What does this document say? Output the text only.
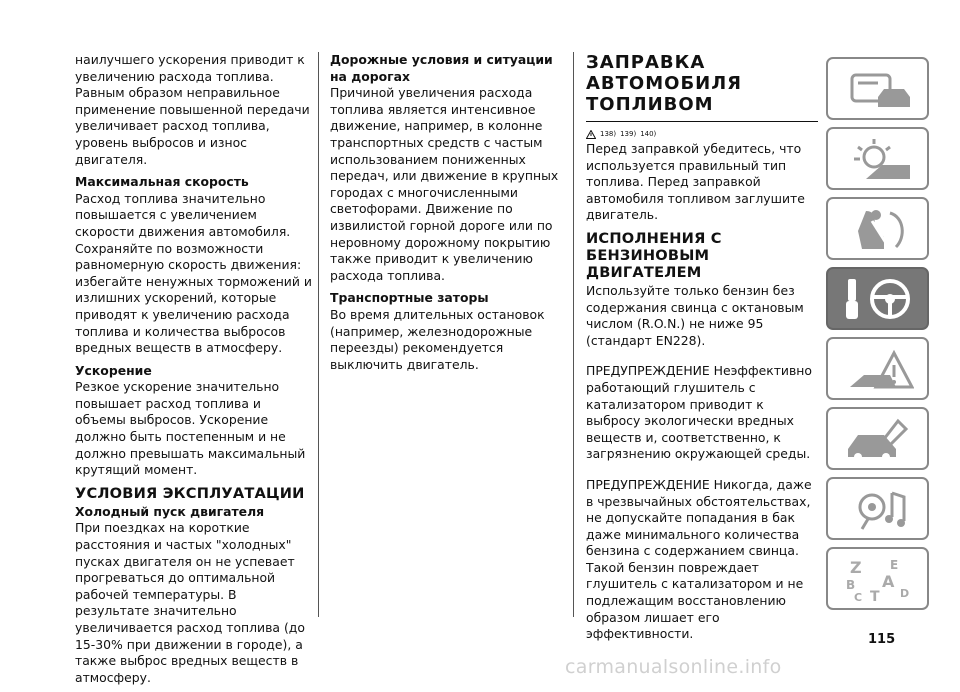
наилучшего ускорения приводит к увеличению расхода топлива. Равным образом неправильное применение повышенной передачи увеличивает расход топлива, уровень выбросов и износ двигателя.

Максимальная скорость

Расход топлива значительно повышается с увеличением скорости движения автомобиля. Сохраняйте по возможности равномерную скорость движения: избегайте ненужных торможений и излишних ускорений, которые приводят к увеличению расхода топлива и количества выбросов вредных веществ в атмосферу.

Ускорение

Резкое ускорение значительно повышает расход топлива и объемы выбросов. Ускорение должно быть постепенным и не должно превышать максимальный крутящий момент.

УСЛОВИЯ ЭКСПЛУАТАЦИИ
Холодный пуск двигателя

При поездках на короткие расстояния и частых "холодных" пусках двигателя он не успевает прогреваться до оптимальной рабочей температуры. В результате значительно увеличивается расход топлива (до 15-30% при движении в городе), а также выброс вредных веществ в атмосферу.

Дорожные условия и ситуации на дорогах

Причиной увеличения расхода топлива является интенсивное движение, например, в колонне транспортных средств с частым использованием пониженных передач, или движение в крупных городах с многочисленными светофорами. Движение по извилистой горной дороге или по неровному дорожному покрытию также приводит к увеличению расхода топлива.

Транспортные заторы

Во время длительных остановок (например, железнодорожные переезды) рекомендуется выключить двигатель.

ЗАПРАВКА АВТОМОБИЛЯ ТОПЛИВОМ
138) 139) 140)

Перед заправкой убедитесь, что используется правильный тип топлива. Перед заправкой автомобиля топливом заглушите двигатель.

ИСПОЛНЕНИЯ С БЕНЗИНОВЫМ ДВИГАТЕЛЕМ

Используйте только бензин без содержания свинца с октановым числом (R.O.N.) не ниже 95 (стандарт EN228).

ПРЕДУПРЕЖДЕНИЕ Неэффективно работающий глушитель с катализатором приводит к выбросу экологически вредных веществ и, соответственно, к загрязнению окружающей среды.

ПРЕДУПРЕЖДЕНИЕ Никогда, даже в чрезвычайных обстоятельствах, не допускайте попадания в бак даже минимального количества бензина с содержанием свинца. Такой бензин повреждает глушитель с катализатором и не подлежащим восстановлению образом лишает его эффективности.

Z E
B A
C T D
115
carmanualsonline.info
